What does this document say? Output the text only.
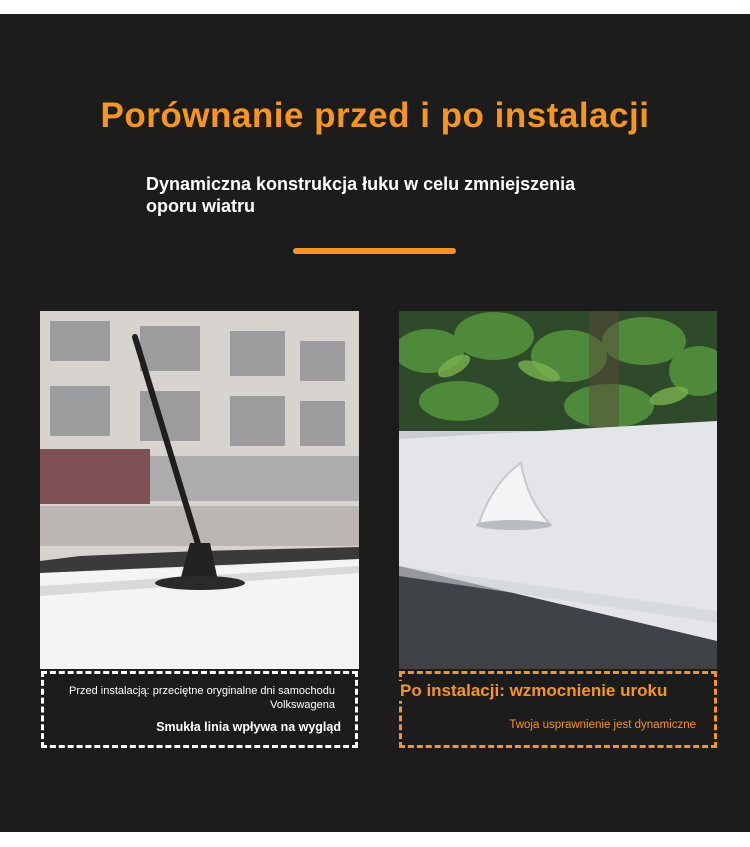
Porównanie przed i po instalacji
Dynamiczna konstrukcja łuku w celu zmniejszenia oporu wiatru
Przed instalacją: przeciętne oryginalne dni samochodu Volkswagena
Smukła linia wpływa na wygląd
Po instalacji: wzmocnienie uroku
Twoja usprawnienie jest dynamiczne
